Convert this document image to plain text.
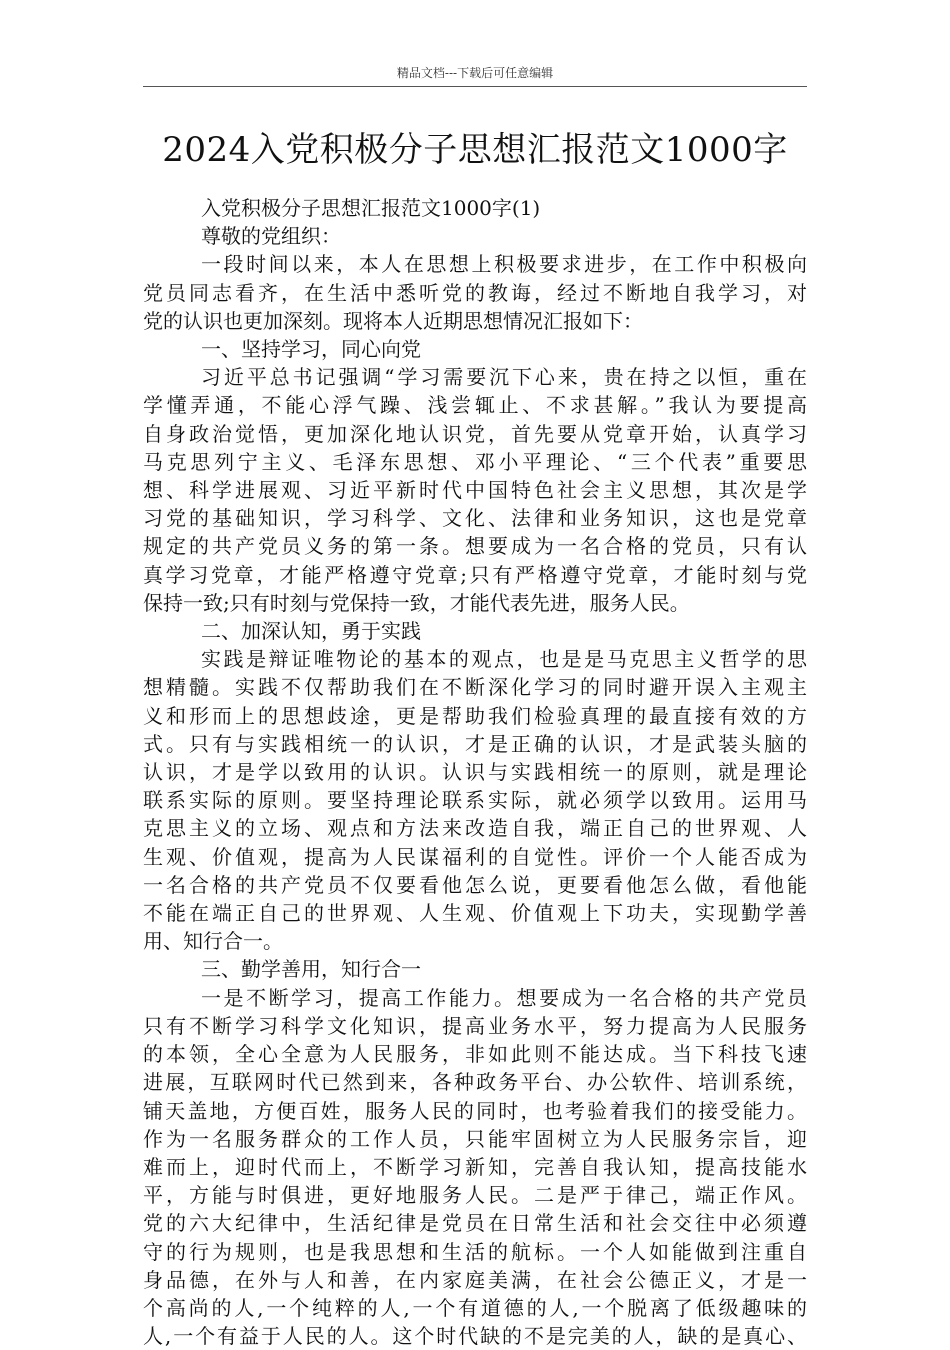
精品文档---下载后可任意编辑
2024入党积极分子思想汇报范文1000字
入党积极分子思想汇报范文1000字(1)
尊敬的党组织：
一段时间以来，本人在思想上积极要求进步，在工作中积极向
党员同志看齐，在生活中悉听党的教诲，经过不断地自我学习，对
党的认识也更加深刻。现将本人近期思想情况汇报如下：
一、坚持学习，同心向党
习近平总书记强调“学习需要沉下心来，贵在持之以恒，重在
学懂弄通，不能心浮气躁、浅尝辄止、不求甚解。”我认为要提高
自身政治觉悟，更加深化地认识党，首先要从党章开始，认真学习
马克思列宁主义、毛泽东思想、邓小平理论、“三个代表”重要思
想、科学进展观、习近平新时代中国特色社会主义思想，其次是学
习党的基础知识，学习科学、文化、法律和业务知识，这也是党章
规定的共产党员义务的第一条。想要成为一名合格的党员，只有认
真学习党章，才能严格遵守党章;只有严格遵守党章，才能时刻与党
保持一致;只有时刻与党保持一致，才能代表先进，服务人民。
二、加深认知，勇于实践
实践是辩证唯物论的基本的观点，也是是马克思主义哲学的思
想精髓。实践不仅帮助我们在不断深化学习的同时避开误入主观主
义和形而上的思想歧途，更是帮助我们检验真理的最直接有效的方
式。只有与实践相统一的认识，才是正确的认识，才是武装头脑的
认识，才是学以致用的认识。认识与实践相统一的原则，就是理论
联系实际的原则。要坚持理论联系实际，就必须学以致用。运用马
克思主义的立场、观点和方法来改造自我，端正自己的世界观、人
生观、价值观，提高为人民谋福利的自觉性。评价一个人能否成为
一名合格的共产党员不仅要看他怎么说，更要看他怎么做，看他能
不能在端正自己的世界观、人生观、价值观上下功夫，实现勤学善
用、知行合一。
三、勤学善用，知行合一
一是不断学习，提高工作能力。想要成为一名合格的共产党员
只有不断学习科学文化知识，提高业务水平，努力提高为人民服务
的本领，全心全意为人民服务，非如此则不能达成。当下科技飞速
进展，互联网时代已然到来，各种政务平台、办公软件、培训系统，
铺天盖地，方便百姓，服务人民的同时，也考验着我们的接受能力。
作为一名服务群众的工作人员，只能牢固树立为人民服务宗旨，迎
难而上，迎时代而上，不断学习新知，完善自我认知，提高技能水
平，方能与时俱进，更好地服务人民。二是严于律己，端正作风。
党的六大纪律中，生活纪律是党员在日常生活和社会交往中必须遵
守的行为规则，也是我思想和生活的航标。一个人如能做到注重自
身品德，在外与人和善，在内家庭美满，在社会公德正义，才是一
个高尚的人,一个纯粹的人,一个有道德的人,一个脱离了低级趣味的
人,一个有益于人民的人。这个时代缺的不是完美的人，缺的是真心、
